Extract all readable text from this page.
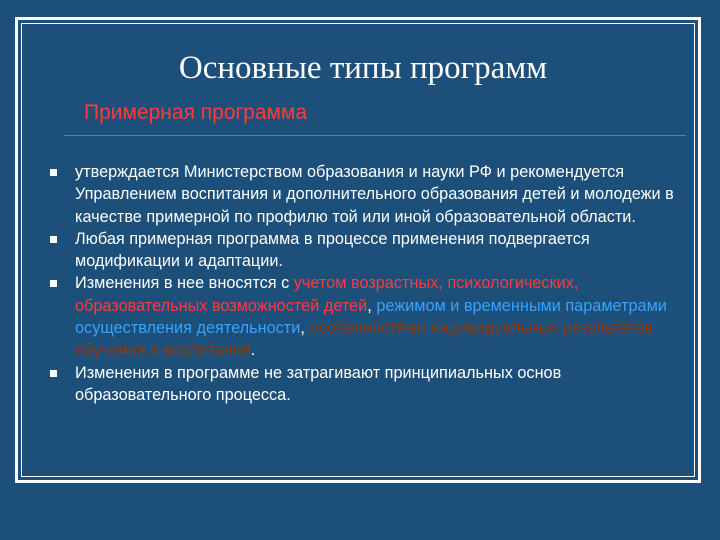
Основные типы программ
Примерная программа
утверждается Министерством образования и науки РФ и рекомендуется Управлением воспитания и дополнительного образования детей и молодежи в качестве примерной по профилю той или иной образовательной области.
Любая примерная программа в процессе применения подвергается модификации и адаптации.
Изменения в нее вносятся с учетом возрастных, психологических, образовательных возможностей детей, режимом и временными параметрами осуществления деятельности, особенностями индивидуальных результатов обучения и воспитания.
Изменения в программе не затрагивают принципиальных основ образовательного процесса.
